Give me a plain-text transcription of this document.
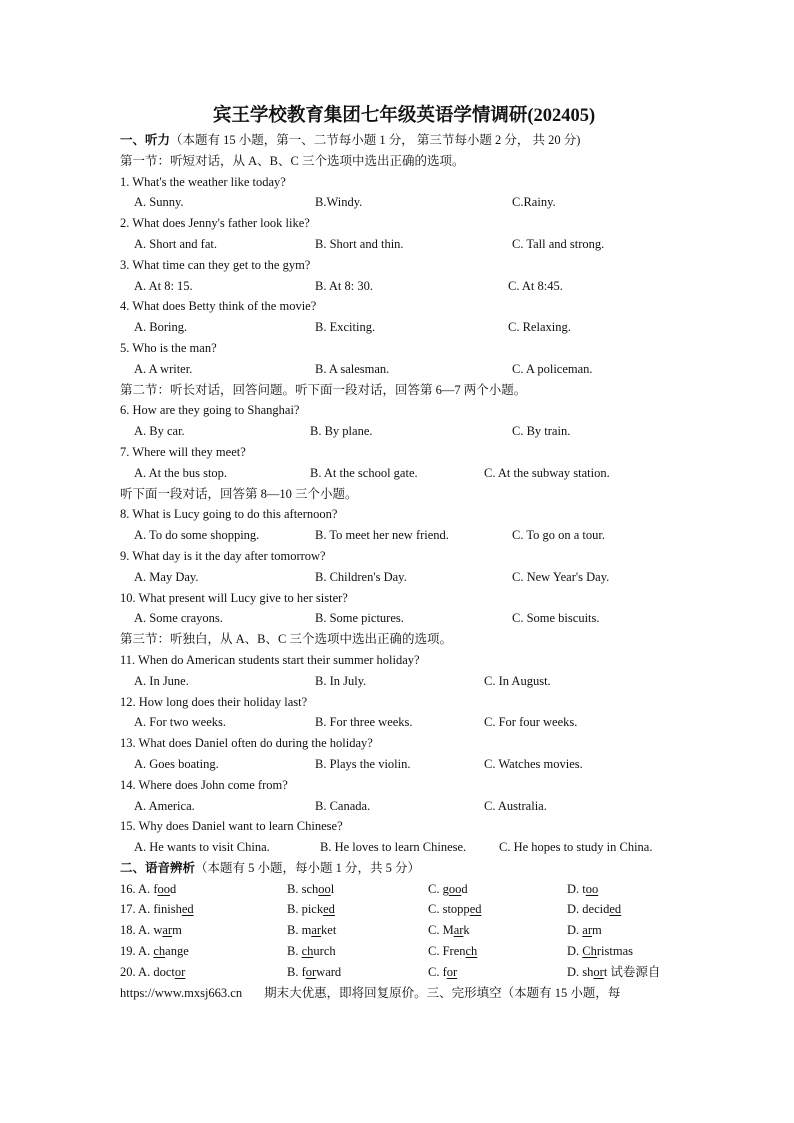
宾王学校教育集团七年级英语学情调研(202405)
一、听力（本题有 15 小题，第一、二节每小题 1 分， 第三节每小题 2 分， 共 20 分)
第一节：听短对话，从 A、B、C 三个选项中选出正确的选项。
1. What's the weather like today?
A. Sunny.	B.Windy.	C.Rainy.
2. What does Jenny's father look like?
A. Short and fat.	B. Short and thin.	C. Tall and strong.
3. What time can they get to the gym?
A. At 8: 15.	B. At 8: 30.	C. At 8:45.
4. What does Betty think of the movie?
A. Boring.	B. Exciting.	C. Relaxing.
5. Who is the man?
A. A writer.	B. A salesman.	C. A policeman.
第二节：听长对话，回答问题。听下面一段对话，回答第 6—7 两个小题。
6. How are they going to Shanghai?
A. By car.	B. By plane.	C. By train.
7. Where will they meet?
A. At the bus stop.	B. At the school gate.	C. At the subway station.
听下面一段对话，回答第 8—10 三个小题。
8. What is Lucy going to do this afternoon?
A. To do some shopping.	B. To meet her new friend.	C. To go on a tour.
9. What day is it the day after tomorrow?
A. May Day.	B. Children's Day.	C. New Year's Day.
10. What present will Lucy give to her sister?
A. Some crayons.	B. Some pictures.	C. Some biscuits.
第三节：听独白，从 A、B、C 三个选项中选出正确的选项。
11. When do American students start their summer holiday?
A. In June.	B. In July.	C. In August.
12. How long does their holiday last?
A. For two weeks.	B. For three weeks.	C. For four weeks.
13. What does Daniel often do during the holiday?
A. Goes boating.	B. Plays the violin.	C. Watches movies.
14. Where does John come from?
A. America.	B. Canada.	C. Australia.
15. Why does Daniel want to learn Chinese?
A. He wants to visit China.	B. He loves to learn Chinese.	C. He hopes to study in China.
二、语音辨析（本题有 5 小题，每小题 1 分，共 5 分）
16. A. food	B. school	C. good	D. too
17. A. finished	B. picked	C. stopped	D. decided
18. A. warm	B. market	C. Mark	D. arm
19. A. change	B. church	C. French	D. Christmas
20. A. doctor	B. forward	C. for	D. short 试卷源自
https://www.mxsj663.cn 期末大优惠，即将回复原价。三、完形填空（本题有 15 小题，每
